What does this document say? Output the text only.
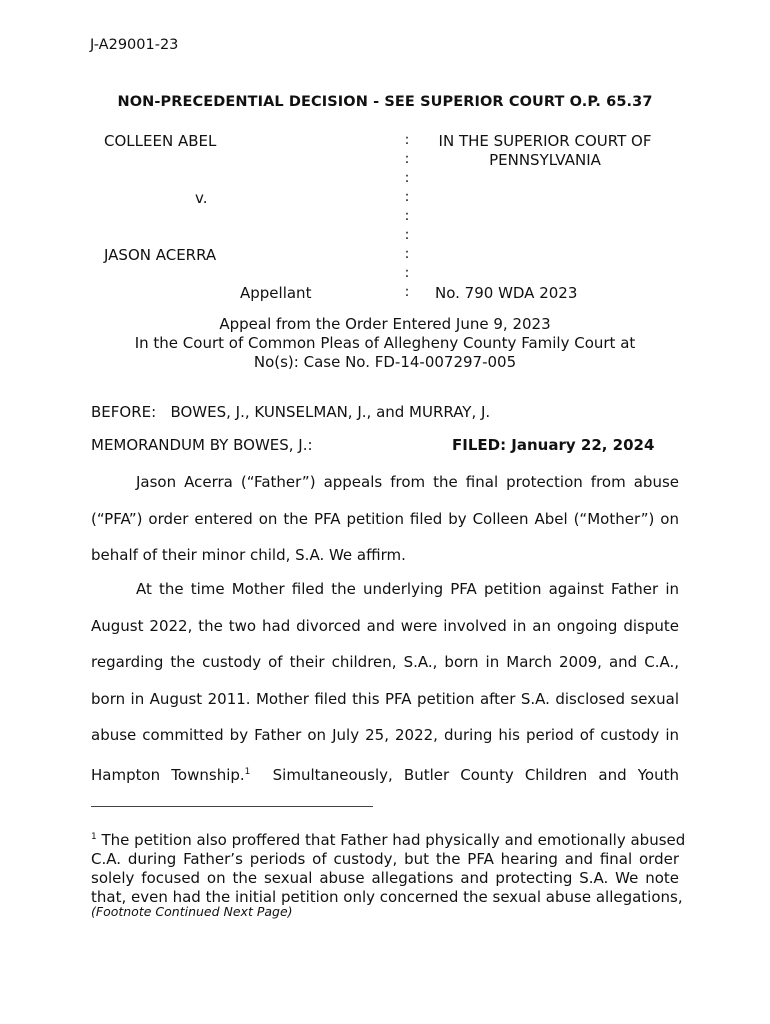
J-A29001-23
NON-PRECEDENTIAL DECISION - SEE SUPERIOR COURT O.P. 65.37
COLLEEN ABEL
v.
JASON ACERRA
Appellant
:
:
:
:
:
:
:
:
:
IN THE SUPERIOR COURT OF
PENNSYLVANIA
No. 790 WDA 2023
Appeal from the Order Entered June 9, 2023
In the Court of Common Pleas of Allegheny County Family Court at
No(s): Case No. FD-14-007297-005
BEFORE:   BOWES, J., KUNSELMAN, J., and MURRAY, J.
MEMORANDUM BY BOWES, J.:	FILED: January 22, 2024
Jason Acerra (“Father”) appeals from the final protection from abuse
(“PFA”) order entered on the PFA petition filed by Colleen Abel (“Mother”) on
behalf of their minor child, S.A. We affirm.
At the time Mother filed the underlying PFA petition against Father in
August 2022, the two had divorced and were involved in an ongoing dispute
regarding the custody of their children, S.A., born in March 2009, and C.A.,
born in August 2011. Mother filed this PFA petition after S.A. disclosed sexual
abuse committed by Father on July 25, 2022, during his period of custody in
Hampton Township.$^1$  Simultaneously, Butler County Children and Youth
$^1$ The petition also proffered that Father had physically and emotionally abused
C.A. during Father’s periods of custody, but the PFA hearing and final order
solely focused on the sexual abuse allegations and protecting S.A. We note
that, even had the initial petition only concerned the sexual abuse allegations,
(Footnote Continued Next Page)
